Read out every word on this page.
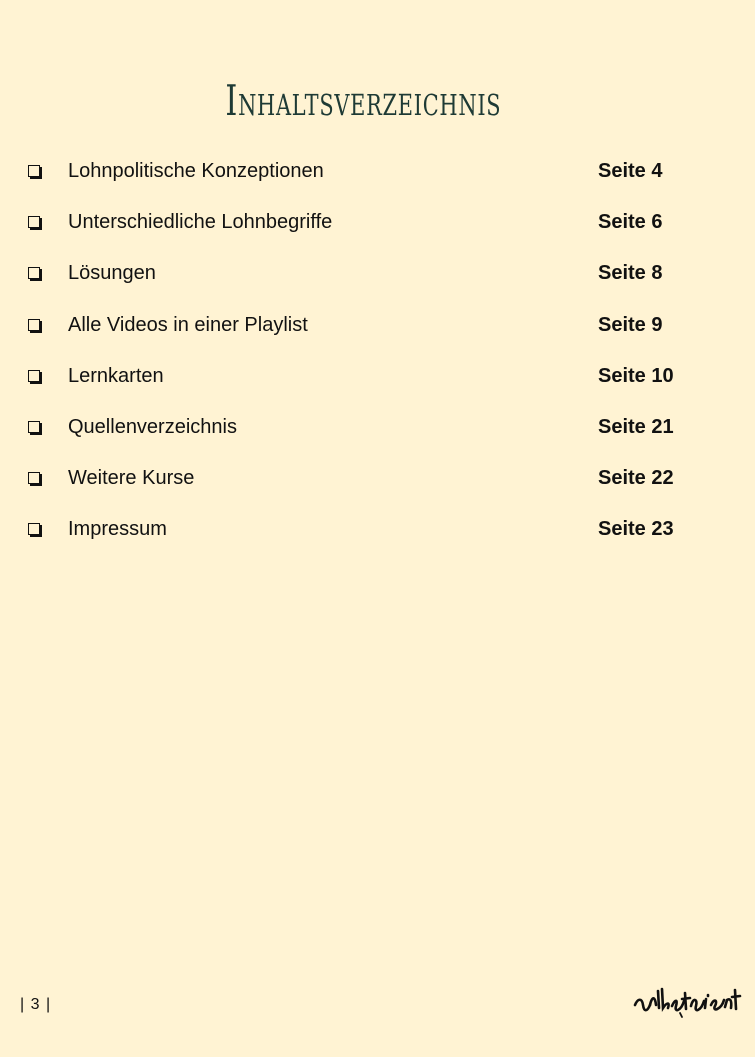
Inhaltsverzeichnis
Lohnpolitische Konzeptionen	Seite 4
Unterschiedliche Lohnbegriffe	Seite 6
Lösungen	Seite 8
Alle Videos in einer Playlist	Seite 9
Lernkarten	Seite 10
Quellenverzeichnis	Seite 21
Weitere Kurse	Seite 22
Impressum	Seite 23
| 3 |
